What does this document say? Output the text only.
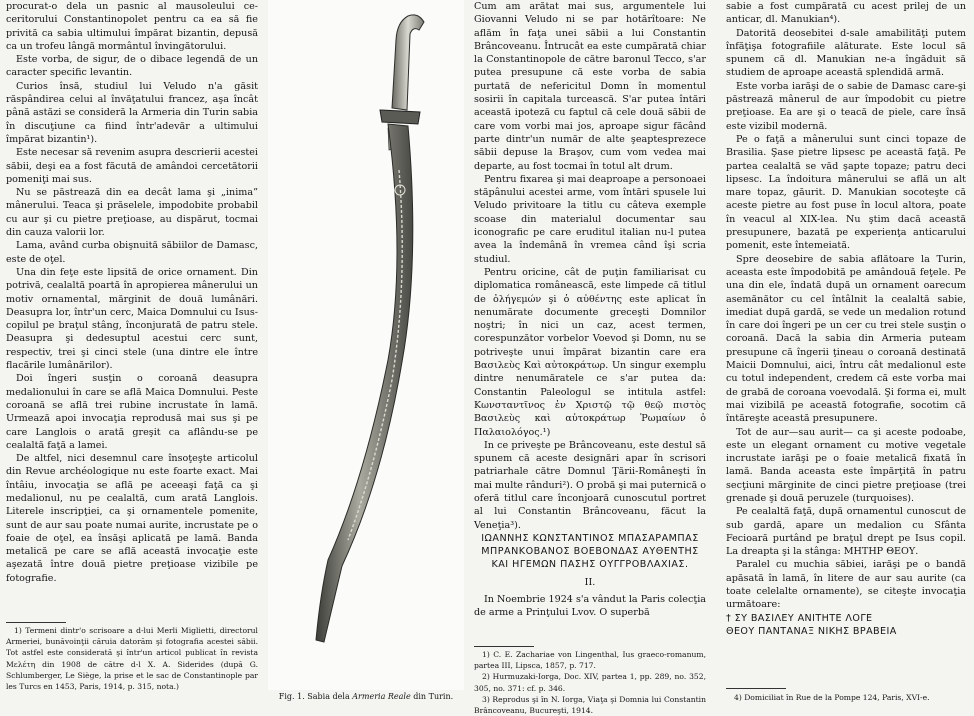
procurat-o dela un pasnic al mausoleului ce-ceritorului Constantinopolet pentru ca ea să fie privită ca sabia ultimului împărat bizantin, depusă ca un trofeu lângă mormântul învingătorului.

Este vorba, de sigur, de o dibace legendă de un caracter specific levantin.

Curios însă, studiul lui Veludo n'a găsit răspândirea celui al învăţatului francez, aşa încât până astăzi se consideră la Armeria din Turin sabia în discuţiune ca fiind într'adevăr a ultimului împărat bizantin¹).

Este necesar să revenim asupra descrierii acestei săbii, deşi ea a fost făcută de amândoi cercetătorii pomeniţi mai sus.

Nu se păstrează din ea decât lama şi „inima” mânerului. Teaca şi prăselele, impodobite probabil cu aur şi cu pietre preţioase, au dispărut, tocmai din cauza valorii lor.

Lama, având curba obişnuită săbiilor de Damasc, este de oţel.

Una din feţe este lipsită de orice ornament. Din potrivă, cealaltă poartă în apropierea mânerului un motiv ornamental, mărginit de două lumânări. Deasupra lor, într'un cerc, Maica Domnului cu Isus-copilul pe braţul stâng, înconjurată de patru stele. Deasupra şi dedesuptul acestui cerc sunt, respectiv, trei şi cinci stele (una dintre ele între flacările lumânărilor).

Doi îngeri susţin o coroană deasupra medalionului în care se află Maica Domnului. Peste coroană se află trei rubine incrustate în lamă. Urmează apoi invocaţia reprodusă mai sus şi pe care Langlois o arată greşit ca aflându-se pe cealaltă faţă a lamei.

De altfel, nici desemnul care însoţeşte articolul din Revue archéologique nu este foarte exact. Mai întâiu, invocaţia se află pe aceeaşi faţă ca şi medalionul, nu pe cealaltă, cum arată Langlois. Literele inscripţiei, ca şi ornamentele pomenite, sunt de aur sau poate numai aurite, incrustate pe o foaie de oţel, ea însăşi aplicată pe lamă. Banda metalică pe care se află această invocaţie este aşezată între două pietre preţioase vizibile pe fotografie.

1) Termeni dintr'o scrisoare a d-lui Merli Miglietti, directorul Armeriei, bunăvoinţii căruia datorăm şi fotografia acestei săbii. Tot astfel este considerată şi într'un articol publicat în revista Μελέτη din 1908 de către d-l X. A. Siderides (după G. Schlumberger, Le Siège, la prise et le sac de Constantinople par les Turcs en 1453, Paris, 1914, p. 315, nota.)

Fig. 1. Sabia dela Armeria Reale din Turin.

Cum am arătat mai sus, argumentele lui Giovanni Veludo ni se par hotărîtoare: Ne aflăm în faţa unei săbii a lui Constantin Brâncoveanu. Întrucât ea este cumpărată chiar la Constantinopole de către baronul Tecco, s'ar putea presupune că este vorba de sabia purtată de nefericitul Domn în momentul sosirii în capitala turcească. S'ar putea întări această ipoteză cu faptul că cele două săbii de care vom vorbi mai jos, aproape sigur făcând parte dintr'un număr de alte şeaptesprezece săbii depuse la Braşov, cum vom vedea mai departe, au fost tocmai în totul alt drum.

Pentru fixarea şi mai deaproape a personoaei stăpânului acestei arme, vom întări spusele lui Veludo privitoare la titlu cu câteva exemple scoase din materialul documentar sau iconografic pe care eruditul italian nu-l putea avea la îndemână în vremea când îşi scria studiul.

Pentru oricine, cât de puţin familiarisat cu diplomatica românească, este limpede că titlul de ὀλήγεμών şi ὁ αὐθέντης este aplicat în nenumărate documente greceşti Domnilor noştri; în nici un caz, acest termen, corespunzător vorbelor Voevod şi Domn, nu se potriveşte unui împărat bizantin care era Βασιλεὺς Καὶ αὐτοκράτωρ. Un singur exemplu dintre nenumăratele ce s'ar putea da: Constantin Paleologul se intitula astfel: Κωνσταντῖνος ἐν Χριστῷ τῷ θεῷ πιστὸς Βασιλεὺς καὶ αὐτοκράτωρ Ῥωμαίων ὁ Παλαιολόγος.¹)

In ce priveşte pe Brâncoveanu, este destul să spunem că aceste designări apar în scrisori patriarhale către Domnul Ţării-Româneşti în mai multe rânduri²). O probă şi mai puternică o oferă titlul care înconjoară cunoscutul portret al lui Constantin Brâncoveanu, făcut la Veneţia³).

ΙΩΑΝΝΗΣ ΚΩΝΣΤΑΝΤΙΝΟΣ ΜΠΑΣΑΡΑΜΠΑΣ
ΜΠΡΑΝΚΟΒΑΝΟΣ ΒΟΕΒΟΝΔΑΣ ΑΥΘΕΝΤΗΣ
ΚΑΙ ΗΓΕΜΩΝ ΠΑΣΗΣ ΟΥΓΓΡΟΒΛΑΧΙΑΣ.
II.

In Noembrie 1924 s'a vândut la Paris colecţia de arme a Prinţului Lvov. O superbă

1) C. E. Zachariae von Lingenthal, Ius graeco-romanum, partea III, Lipsca, 1857, p. 717.

2) Hurmuzaki-Iorga, Doc. XIV, partea 1, pp. 289, no. 352, 305, no. 371: cf. p. 346.

3) Reprodus şi în N. Iorga, Viaţa şi Domnia lui Constantin Brâncoveanu, Bucureşti, 1914.

sabie a fost cumpărată cu acest prilej de un anticar, dl. Manukian⁴).

Datorită deosebitei d-sale amabilităţi putem înfăţişa fotografiile alăturate. Este locul să spunem că dl. Manukian ne-a îngăduit să studiem de aproape această splendidă armă.

Este vorba iarăşi de o sabie de Damasc care-şi păstrează mânerul de aur împodobit cu pietre preţioase. Ea are şi o teacă de piele, care însă este vizibil modernă.

Pe o faţă a mânerului sunt cinci topaze de Brasilia. Şase pietre lipsesc pe această faţă. Pe partea cealaltă se văd şapte topaze; patru deci lipsesc. La îndoitura mânerului se află un alt mare topaz, găurit. D. Manukian socoteşte că aceste pietre au fost puse în locul altora, poate în veacul al XIX-lea. Nu ştim dacă această presupunere, bazată pe experienţa anticarului pomenit, este întemeiată.

Spre deosebire de sabia aflătoare la Turin, aceasta este împodobită pe amândouă feţele. Pe una din ele, îndată după un ornament oarecum asemănător cu cel întâlnit la cealaltă sabie, imediat după gardă, se vede un medalion rotund în care doi îngeri pe un cer cu trei stele susţin o coroană. Dacă la sabia din Armeria puteam presupune că îngerii ţineau o coroană destinată Maicii Domnului, aici, întru cât medalionul este cu totul independent, credem că este vorba mai de grabă de coroana voevodală. Şi forma ei, mult mai vizibilă pe această fotografie, socotim că întăreşte această presupunere.

Tot de aur—sau aurit— ca şi aceste podoabe, este un elegant ornament cu motive vegetale incrustate iarăşi pe o foaie metalică fixată în lamă. Banda aceasta este împărţită în patru secţiuni mărginite de cinci pietre preţioase (trei grenade şi două peruzele (turquoises).

Pe cealaltă faţă, după ornamentul cunoscut de sub gardă, apare un medalion cu Sfânta Fecioară purtând pe braţul drept pe Isus copil. La dreapta şi la stânga: ΜΗΤΗΡ ΘΕΟΥ.

Paralel cu muchia săbiei, iarăşi pe o bandă apăsată în lamă, în litere de aur sau aurite (ca toate celelalte ornamente), se citeşte invocaţia următoare:

† ΣΥ ΒΑΣΙΛΕΥ ΑΝΙΤΗΤΕ ΛΟΓΕ
ΘΕΟΥ ΠΑΝΤΑΝΑΞ ΝΙΚΗΣ ΒΡΑΒΕΙΑ

4) Domiciliat în Rue de la Pompe 124, Paris, XVI-e.
